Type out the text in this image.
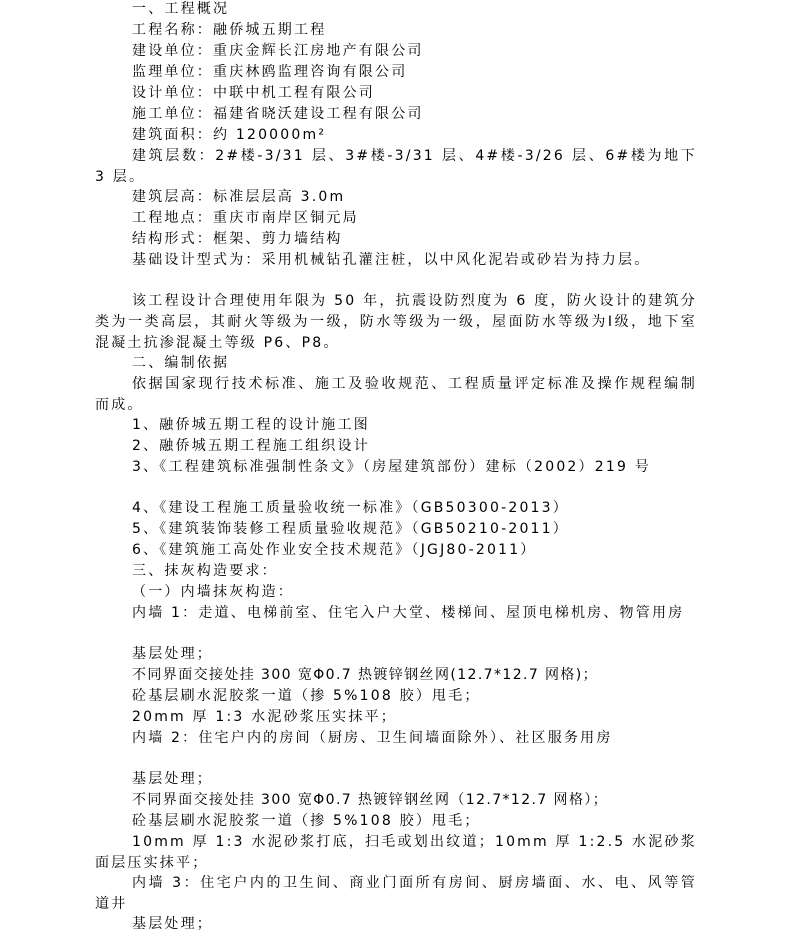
一、工程概况

工程名称：融侨城五期工程

建设单位：重庆金辉长江房地产有限公司

监理单位：重庆林鸥监理咨询有限公司

设计单位：中联中机工程有限公司

施工单位：福建省晓沃建设工程有限公司

建筑面积：约 120000m²

建筑层数：2#楼-3/31 层、3#楼-3/31 层、4#楼-3/26 层、6#楼为地下 3 层。

建筑层高：标准层层高 3.0m

工程地点：重庆市南岸区铜元局

结构形式：框架、剪力墙结构

基础设计型式为：采用机械钻孔灌注桩，以中风化泥岩或砂岩为持力层。

该工程设计合理使用年限为 50 年，抗震设防烈度为 6 度，防火设计的建筑分类为一类高层，其耐火等级为一级，防水等级为一级，屋面防水等级为Ⅰ级，地下室混凝土抗渗混凝土等级 P6、P8。

二、编制依据

依据国家现行技术标准、施工及验收规范、工程质量评定标准及操作规程编制而成。

1、融侨城五期工程的设计施工图

2、融侨城五期工程施工组织设计

3、《工程建筑标准强制性条文》（房屋建筑部份）建标（2002）219 号

4、《建设工程施工质量验收统一标准》（GB50300-2013）

5、《建筑装饰装修工程质量验收规范》（GB50210-2011）

6、《建筑施工高处作业安全技术规范》（JGJ80-2011）

三、抹灰构造要求：

（一）内墙抹灰构造：

内墙 1：走道、电梯前室、住宅入户大堂、楼梯间、屋顶电梯机房、物管用房

基层处理；

不同界面交接处挂 300 宽Φ0.7 热镀锌钢丝网(12.7*12.7 网格)；

砼基层刷水泥胶浆一道（掺 5%108 胶）甩毛；

20mm 厚 1:3 水泥砂浆压实抹平；

内墙 2：住宅户内的房间（厨房、卫生间墙面除外）、社区服务用房

基层处理；

不同界面交接处挂 300 宽Φ0.7 热镀锌钢丝网（12.7*12.7 网格）；

砼基层刷水泥胶浆一道（掺 5%108 胶）甩毛；

10mm 厚 1:3 水泥砂浆打底，扫毛或划出纹道；10mm 厚 1:2.5 水泥砂浆面层压实抹平；

内墙 3：住宅户内的卫生间、商业门面所有房间、厨房墙面、水、电、风等管道井

基层处理；
